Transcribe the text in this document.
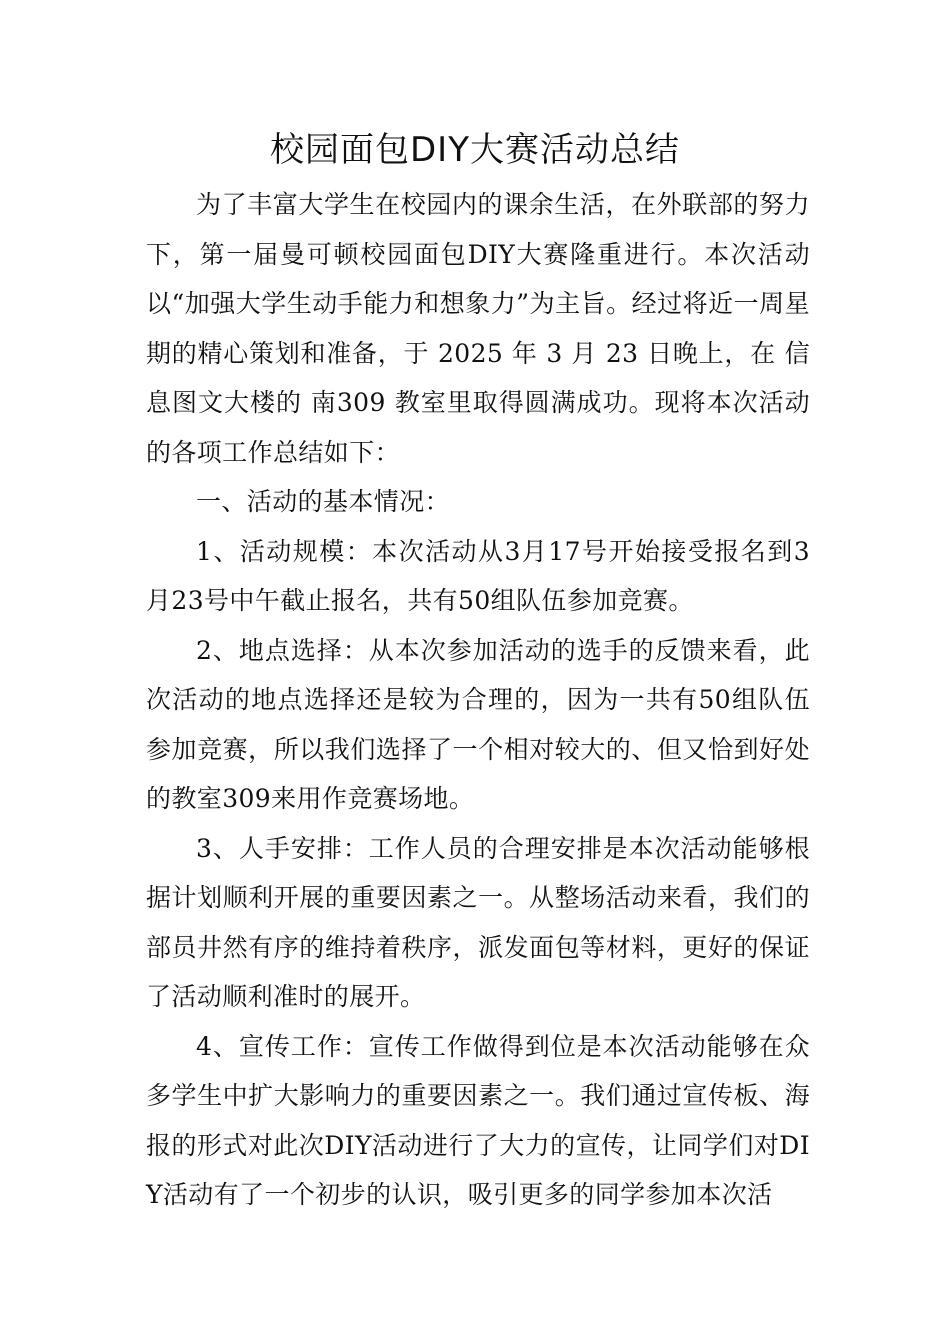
校园面包DIY大赛活动总结

为了丰富大学生在校园内的课余生活，在外联部的努力下，第一届曼可顿校园面包DIY大赛隆重进行。本次活动以“加强大学生动手能力和想象力”为主旨。经过将近一周星期的精心策划和准备，于 2025 年 3 月 23 日晚上，在 信息图文大楼的 南309 教室里取得圆满成功。现将本次活动的各项工作总结如下：

一、活动的基本情况：

1、活动规模：本次活动从3月17号开始接受报名到3月23号中午截止报名，共有50组队伍参加竞赛。

2、地点选择：从本次参加活动的选手的反馈来看，此次活动的地点选择还是较为合理的，因为一共有50组队伍参加竞赛，所以我们选择了一个相对较大的、但又恰到好处的教室309来用作竞赛场地。

3、人手安排：工作人员的合理安排是本次活动能够根据计划顺利开展的重要因素之一。从整场活动来看，我们的部员井然有序的维持着秩序，派发面包等材料，更好的保证了活动顺利准时的展开。

4、宣传工作：宣传工作做得到位是本次活动能够在众多学生中扩大影响力的重要因素之一。我们通过宣传板、海报的形式对此次DIY活动进行了大力的宣传，让同学们对DIY活动有了一个初步的认识，吸引更多的同学参加本次活
